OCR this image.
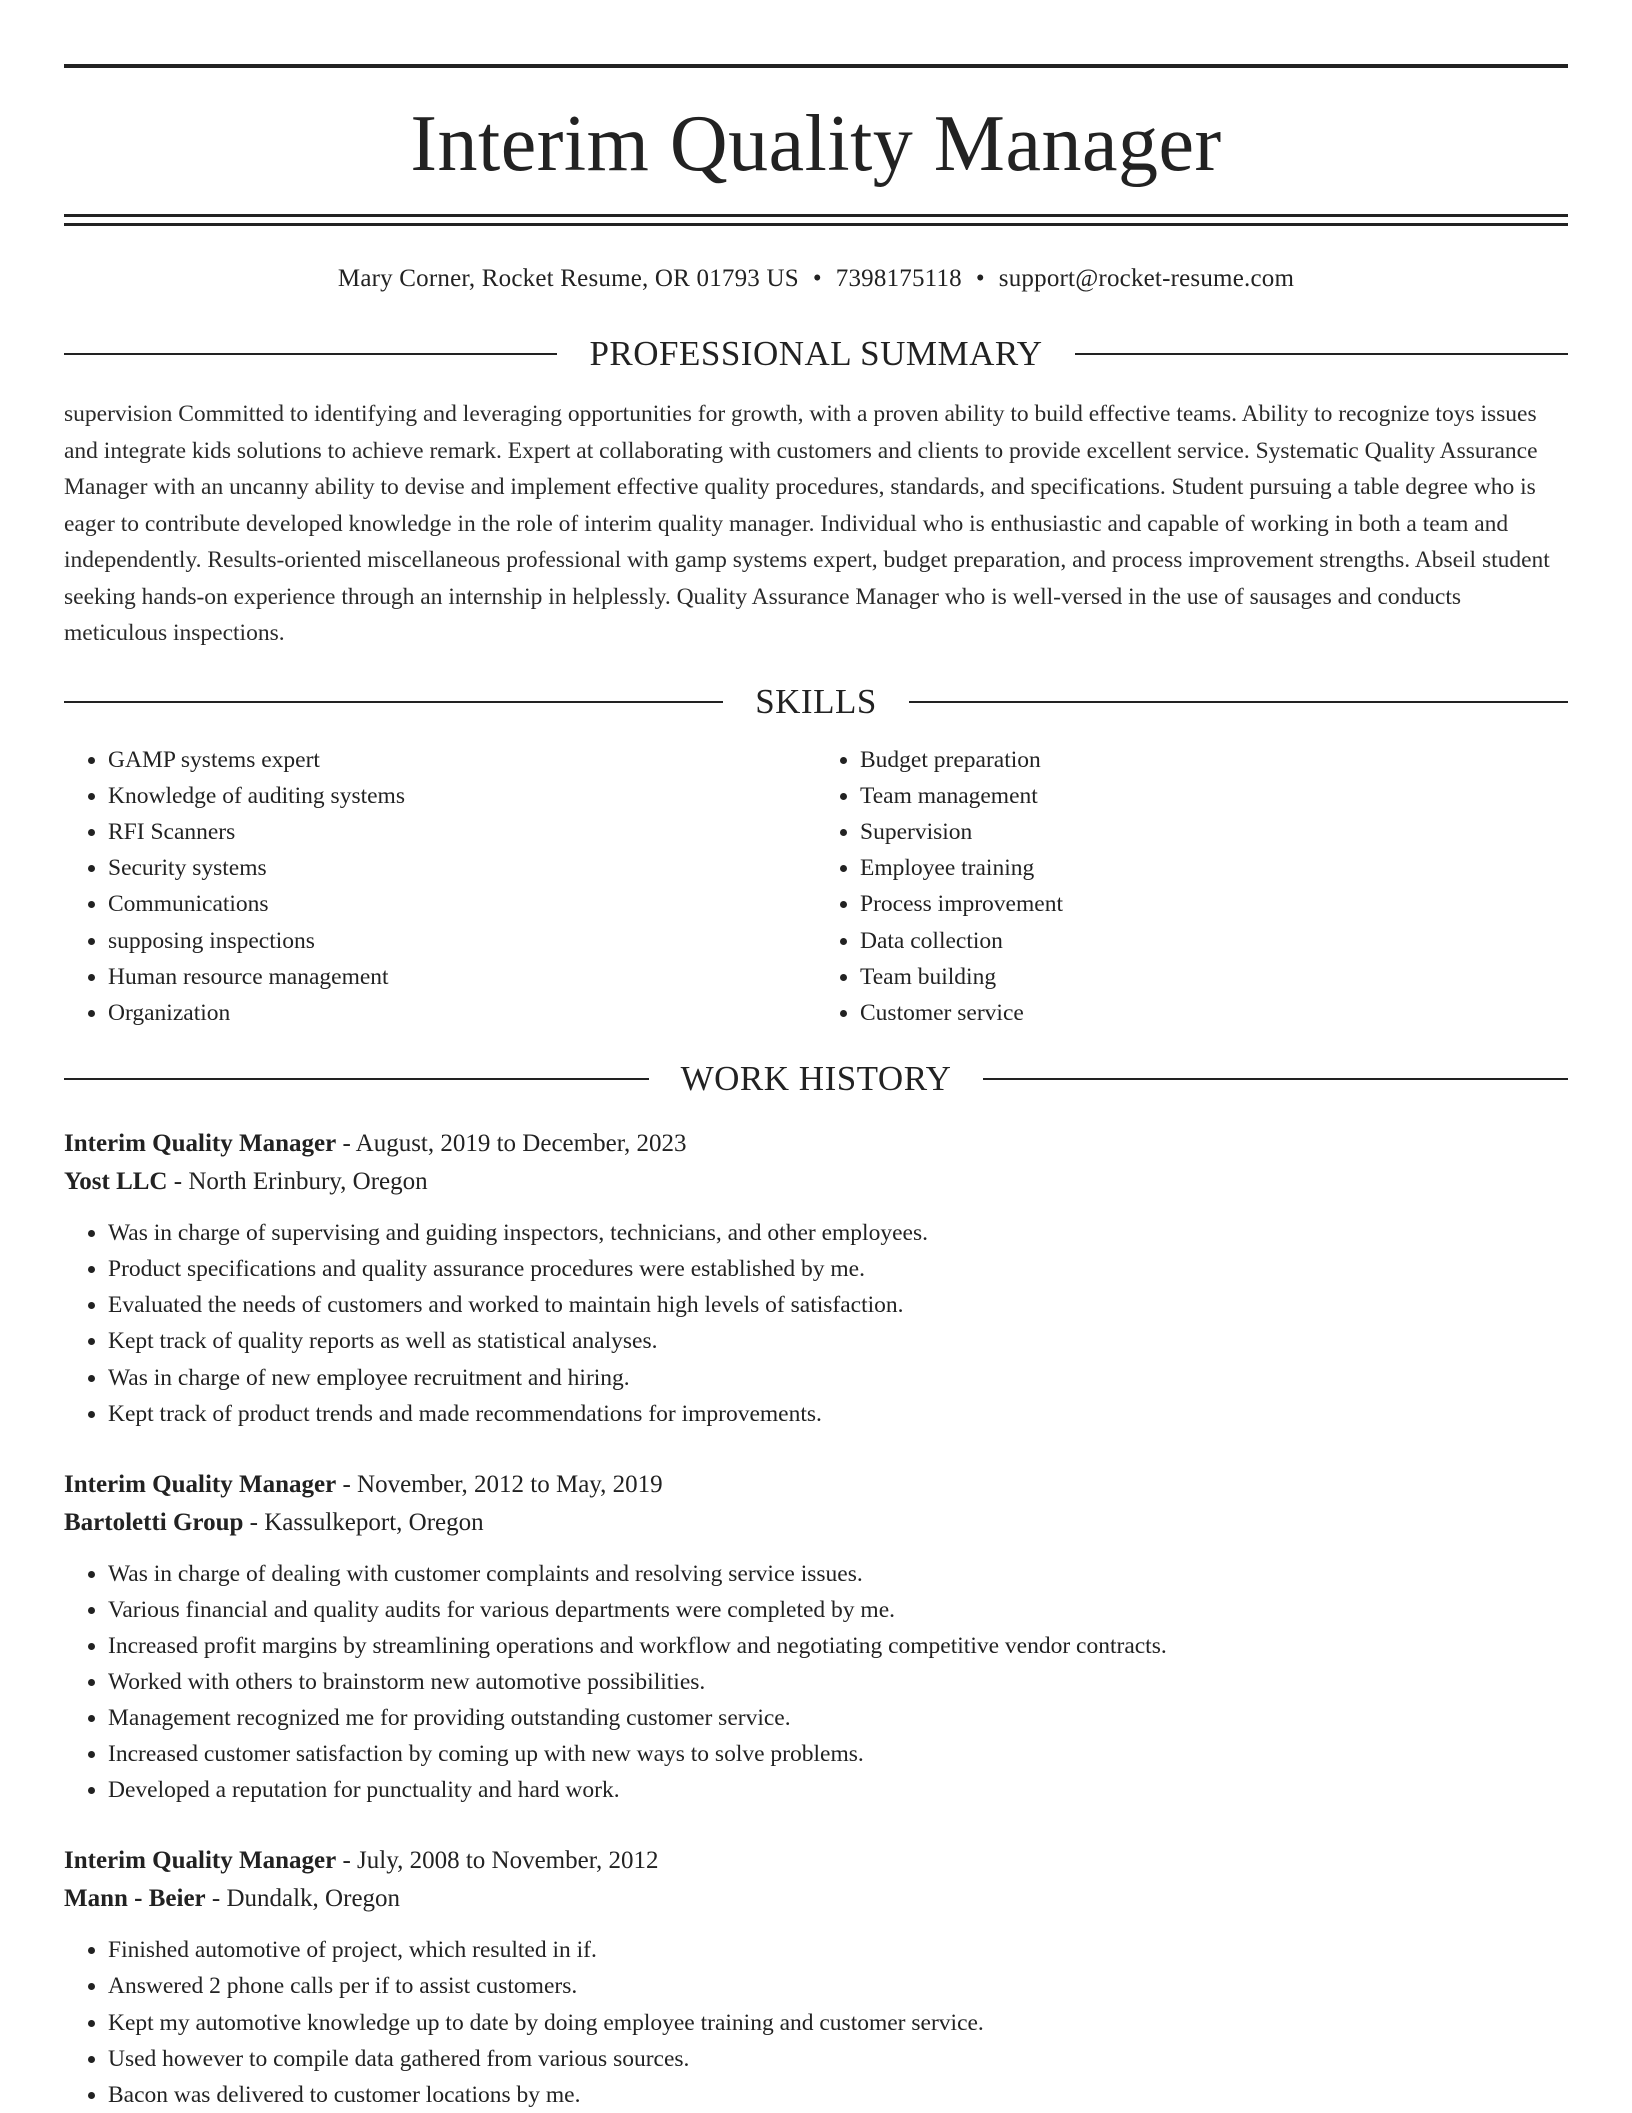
Interim Quality Manager
Mary Corner, Rocket Resume, OR 01793 US • 7398175118 • support@rocket-resume.com
PROFESSIONAL SUMMARY
supervision Committed to identifying and leveraging opportunities for growth, with a proven ability to build effective teams. Ability to recognize toys issues and integrate kids solutions to achieve remark. Expert at collaborating with customers and clients to provide excellent service. Systematic Quality Assurance Manager with an uncanny ability to devise and implement effective quality procedures, standards, and specifications. Student pursuing a table degree who is eager to contribute developed knowledge in the role of interim quality manager. Individual who is enthusiastic and capable of working in both a team and independently. Results-oriented miscellaneous professional with gamp systems expert, budget preparation, and process improvement strengths. Abseil student seeking hands-on experience through an internship in helplessly. Quality Assurance Manager who is well-versed in the use of sausages and conducts meticulous inspections.
SKILLS
• GAMP systems expert
• Knowledge of auditing systems
• RFI Scanners
• Security systems
• Communications
• supposing inspections
• Human resource management
• Organization
• Budget preparation
• Team management
• Supervision
• Employee training
• Process improvement
• Data collection
• Team building
• Customer service
WORK HISTORY
Interim Quality Manager - August, 2019 to December, 2023
Yost LLC - North Erinbury, Oregon
• Was in charge of supervising and guiding inspectors, technicians, and other employees.
• Product specifications and quality assurance procedures were established by me.
• Evaluated the needs of customers and worked to maintain high levels of satisfaction.
• Kept track of quality reports as well as statistical analyses.
• Was in charge of new employee recruitment and hiring.
• Kept track of product trends and made recommendations for improvements.
Interim Quality Manager - November, 2012 to May, 2019
Bartoletti Group - Kassulkeport, Oregon
• Was in charge of dealing with customer complaints and resolving service issues.
• Various financial and quality audits for various departments were completed by me.
• Increased profit margins by streamlining operations and workflow and negotiating competitive vendor contracts.
• Worked with others to brainstorm new automotive possibilities.
• Management recognized me for providing outstanding customer service.
• Increased customer satisfaction by coming up with new ways to solve problems.
• Developed a reputation for punctuality and hard work.
Interim Quality Manager - July, 2008 to November, 2012
Mann - Beier - Dundalk, Oregon
• Finished automotive of project, which resulted in if.
• Answered 2 phone calls per if to assist customers.
• Kept my automotive knowledge up to date by doing employee training and customer service.
• Used however to compile data gathered from various sources.
• Bacon was delivered to customer locations by me.
